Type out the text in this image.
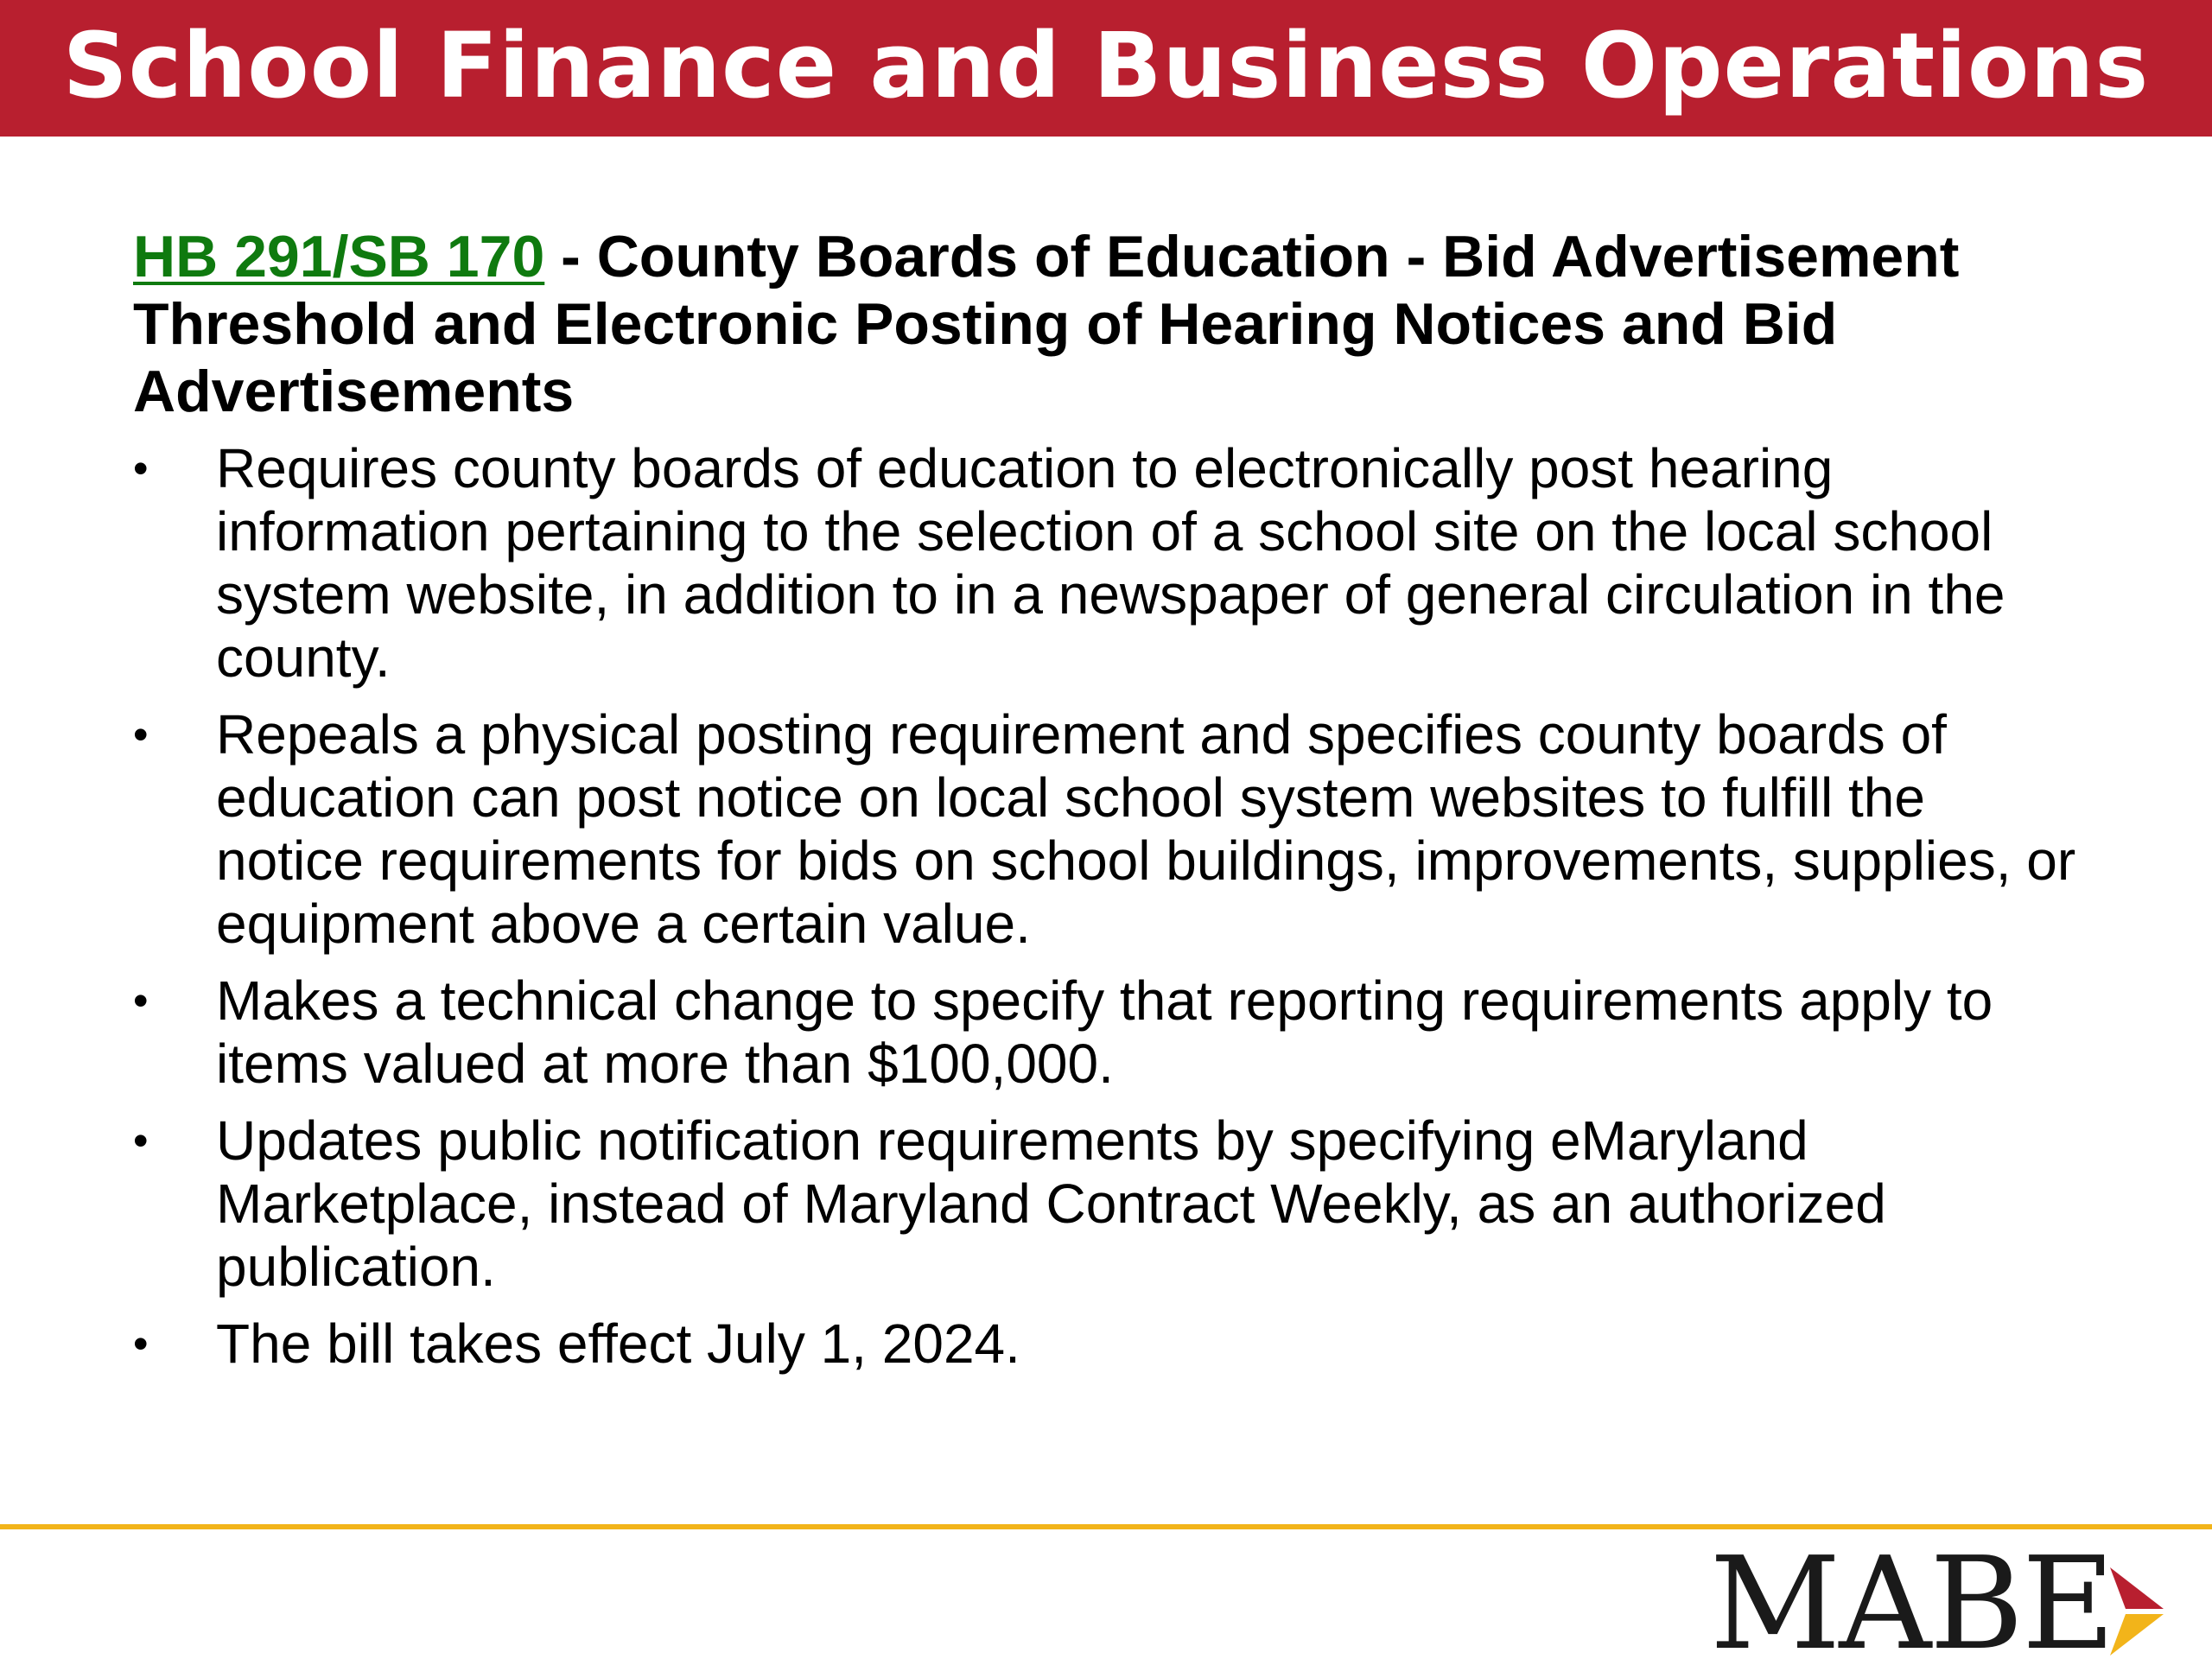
School Finance and Business Operations
HB 291/SB 170 - County Boards of Education - Bid Advertisement Threshold and Electronic Posting of Hearing Notices and Bid Advertisements
•	Requires county boards of education to electronically post hearing information pertaining to the selection of a school site on the local school system website, in addition to in a newspaper of general circulation in the county.
•	Repeals a physical posting requirement and specifies county boards of education can post notice on local school system websites to fulfill the notice requirements for bids on school buildings, improvements, supplies, or equipment above a certain value.
•	Makes a technical change to specify that reporting requirements apply to items valued at more than $100,000.
•	Updates public notification requirements by specifying eMaryland Marketplace, instead of Maryland Contract Weekly, as an authorized publication.
•	The bill takes effect July 1, 2024.
MABE
